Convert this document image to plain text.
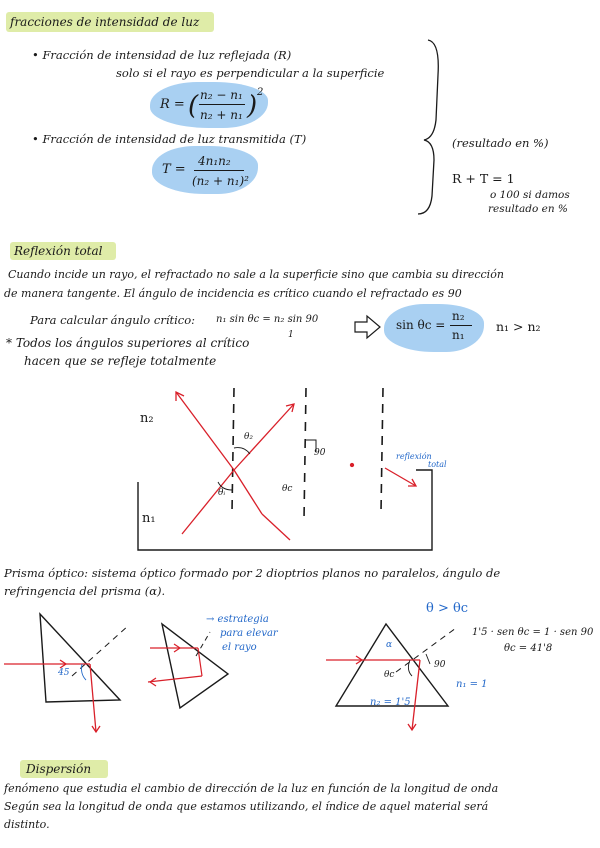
fracciones de intensidad de luz
• Fracción de intensidad de luz reflejada (R)
solo si el rayo es perpendicular a la superficie
R = ( n₂ − n₁
n₂ + n₁ ) 2
• Fracción de intensidad de luz transmitida (T)
T =
4n₁n₂
(n₂ + n₁)²
(resultado en %)
R + T = 1
o 100 si damos
resultado en %
Reflexión total
Cuando incide un rayo, el refractado no sale a la superficie sino que cambia su dirección
de manera tangente. El ángulo de incidencia es crítico cuando el refractado es 90
Para calcular ángulo crítico: n₁ sin θc = n₂ sin 90
1
sin θc =
n₂
n₁
n₁ > n₂
* Todos los ángulos superiores al crítico
hacen que se refleje totalmente
n₂
n₁
θ₂
θᵢ	θc
90	reflexión
total
Prisma óptico: sistema óptico formado por 2 dioptrios planos no paralelos, ángulo de
refringencia del prisma (α).
45
→ estrategia
para elevar
el rayo
θ > θc
1'5 · sen θc = 1 · sen 90
θc = 41'8
α
θc
90
n₁ = 1
n₂ = 1'5
Dispersión
fenómeno que estudia el cambio de dirección de la luz en función de la longitud de onda
Según sea la longitud de onda que estamos utilizando, el índice de aquel material será
distinto.
